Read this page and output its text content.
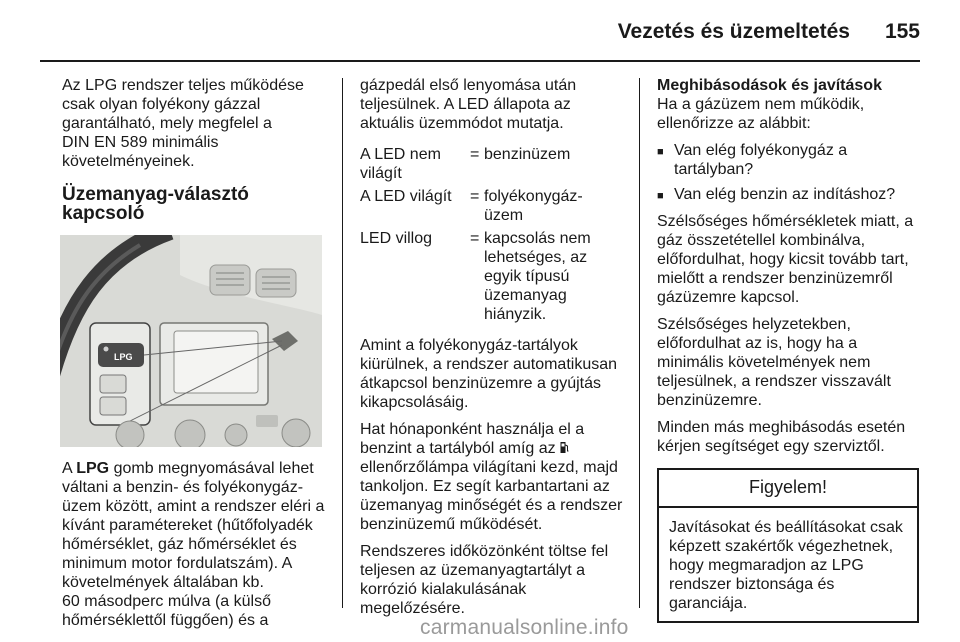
Vezetés és üzemeltetés 155

Az LPG rendszer teljes működése
csak olyan folyékony gázzal
garantálható, mely megfelel a
DIN EN 589 minimális
követelményeinek.

Üzemanyag-választó kapcsoló
LPG

A LPG gomb megnyomásával lehet
váltani a benzin- és folyékonygáz-
üzem között, amint a rendszer eléri a
kívánt paramétereket (hűtőfolyadék
hőmérséklet, gáz hőmérséklet és
minimum motor fordulatszám). A
követelmények általában kb.
60 másodperc múlva (a külső
hőmérséklettől függően) és a

gázpedál első lenyomása után
teljesülnek. A LED állapota az
aktuális üzemmódot mutatja.

A LED nem
világít
= benzinüzem
A LED világít	= folyékonygáz-
üzem
LED villog	= kapcsolás nem
lehetséges, az
egyik típusú
üzemanyag
hiányzik.

Amint a folyékonygáz-tartályok
kiürülnek, a rendszer automatikusan
átkapcsol benzinüzemre a gyújtás
kikapcsolásáig.

Hat hónaponként használja el a
benzint a tartályból amíg az
ellenőrzőlámpa világítani kezd, majd
tankoljon. Ez segít karbantartani az
üzemanyag minőségét és a rendszer
benzinüzemű működését.

Rendszeres időközönként töltse fel
teljesen az üzemanyagtartályt a
korrózió kialakulásának
megelőzésére.

Meghibásodások és javítások
Ha a gázüzem nem működik,
ellenőrizze az alábbit:

■ Van elég folyékonygáz a
tartályban?
■ Van elég benzin az indításhoz?

Szélsőséges hőmérsékletek miatt, a
gáz összetétellel kombinálva,
előfordulhat, hogy kicsit tovább tart,
mielőtt a rendszer benzinüzemről
gázüzemre kapcsol.

Szélsőséges helyzetekben,
előfordulhat az is, hogy ha a
minimális követelmények nem
teljesülnek, a rendszer visszavált
benzinüzemre.

Minden más meghibásodás esetén
kérjen segítséget egy szerviztől.

Figyelem!
Javításokat és beállításokat csak
képzett szakértők végezhetnek,
hogy megmaradjon az LPG
rendszer biztonsága és
garanciája.
carmanualsonline.info
